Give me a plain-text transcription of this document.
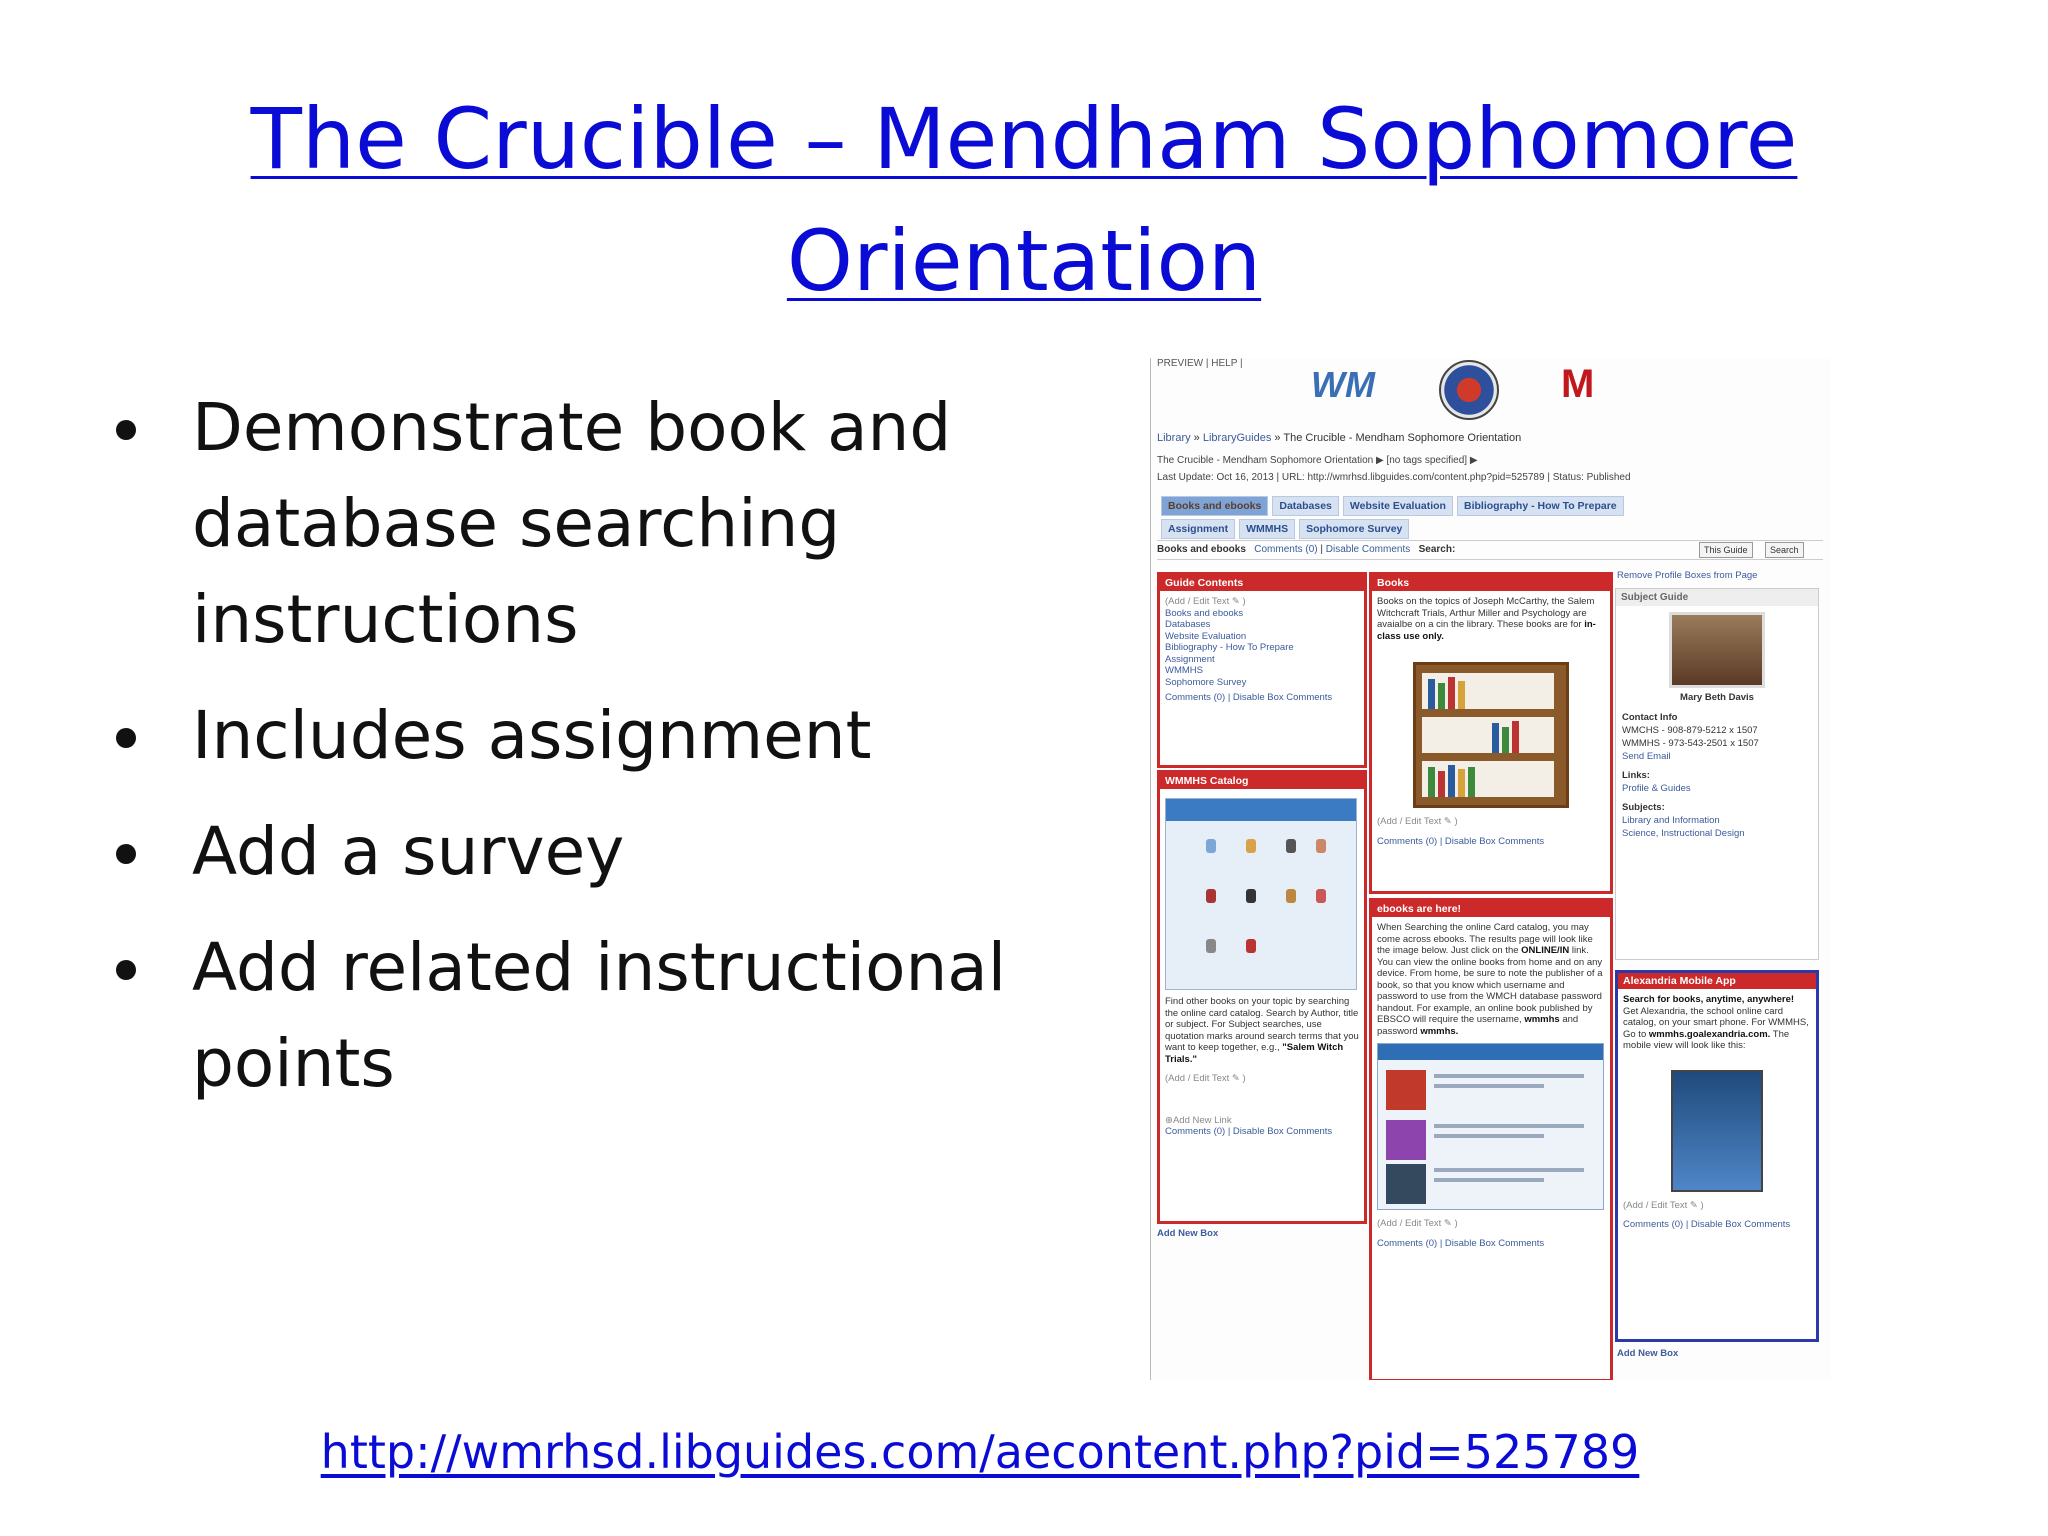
The Crucible – Mendham Sophomore
Orientation
Demonstrate book and database searching instructions
Includes assignment
Add a survey
Add related instructional points
PREVIEW | HELP |
WM	M
Library » LibraryGuides » The Crucible - Mendham Sophomore Orientation
The Crucible - Mendham Sophomore Orientation ▶ [no tags specified] ▶
Last Update: Oct 16, 2013 | URL: http://wmrhsd.libguides.com/content.php?pid=525789 | Status: Published
Books and ebooks Databases Website Evaluation Bibliography - How To Prepare
Assignment WMMHS Sophomore Survey
Books and ebooks Comments (0) | Disable Comments Search:	This Guide	Search
Guide Contents
(Add / Edit Text ✎ )
Books and ebooks
Databases
Website Evaluation
Bibliography - How To Prepare
Assignment
WMMHS
Sophomore Survey
Comments (0) | Disable Box Comments
WMMHS Catalog
Find other books on your topic by searching the online card catalog. Search by Author, title or subject. For Subject searches, use quotation marks around search terms that you want to keep together, e.g., "Salem Witch Trials."
(Add / Edit Text ✎ )
⊕Add New Link
Comments (0) | Disable Box Comments
Add New Box
Books
Books on the topics of Joseph McCarthy, the Salem Witchcraft Trials, Arthur Miller and Psychology are avaialbe on a cin the library. These books are for in-class use only.
(Add / Edit Text ✎ )
Comments (0) | Disable Box Comments
ebooks are here!
When Searching the online Card catalog, you may come across ebooks. The results page will look like the image below. Just click on the ONLINE/IN link. You can view the online books from home and on any device. From home, be sure to note the publisher of a book, so that you know which username and password to use from the WMCH database password handout. For example, an online book published by EBSCO will require the username, wmmhs and password wmmhs.
(Add / Edit Text ✎ )
Comments (0) | Disable Box Comments
Remove Profile Boxes from Page
Subject Guide
Mary Beth Davis
Contact Info
WMCHS - 908-879-5212 x 1507
WMMHS - 973-543-2501 x 1507
Send Email
Links:
Profile & Guides
Subjects:
Library and Information
Science, Instructional Design
Alexandria Mobile App
Search for books, anytime, anywhere! Get Alexandria, the school online card catalog, on your smart phone. For WMMHS, Go to wmmhs.goalexandria.com. The mobile view will look like this:
(Add / Edit Text ✎ )
Comments (0) | Disable Box Comments
Add New Box
http://wmrhsd.libguides.com/aecontent.php?pid=525789
